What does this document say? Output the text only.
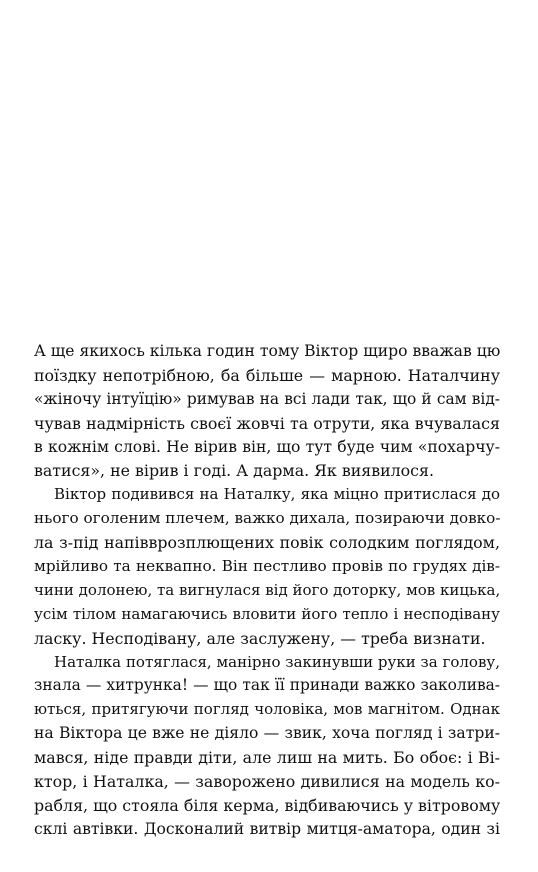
А ще якихось кілька годин тому Віктор щиро вважав цю
поїздку непотрібною, ба більше — марною. Наталчину
«жіночу інтуїцію» римував на всі лади так, що й сам від-
чував надмірність своєї жовчі та отрути, яка вчувалася
в кожнім слові. Не вірив він, що тут буде чим «похарчу-
ватися», не вірив і годі. А дарма. Як виявилося.
Віктор подивився на Наталку, яка міцно притислася до
нього оголеним плечем, важко дихала, позираючи довко-
ла з-під напівврозплющених повік солодким поглядом,
мрійливо та неквапно. Він пестливо провів по грудях дів-
чини долонею, та вигнулася від його доторку, мов кицька,
усім тілом намагаючись вловити його тепло і несподівану
ласку. Несподівану, але заслужену, — треба визнати.
Наталка потяглася, манірно закинувши руки за голову,
знала — хитрунка! — що так її принади важко заколива-
ються, притягуючи погляд чоловіка, мов магнітом. Однак
на Віктора це вже не діяло — звик, хоча погляд і затри-
мався, ніде правди діти, але лиш на мить. Бо обоє: і Ві-
ктор, і Наталка, — заворожено дивилися на модель ко-
рабля, що стояла біля керма, відбиваючись у вітровому
склі автівки. Досконалий витвір митця-аматора, один зі
